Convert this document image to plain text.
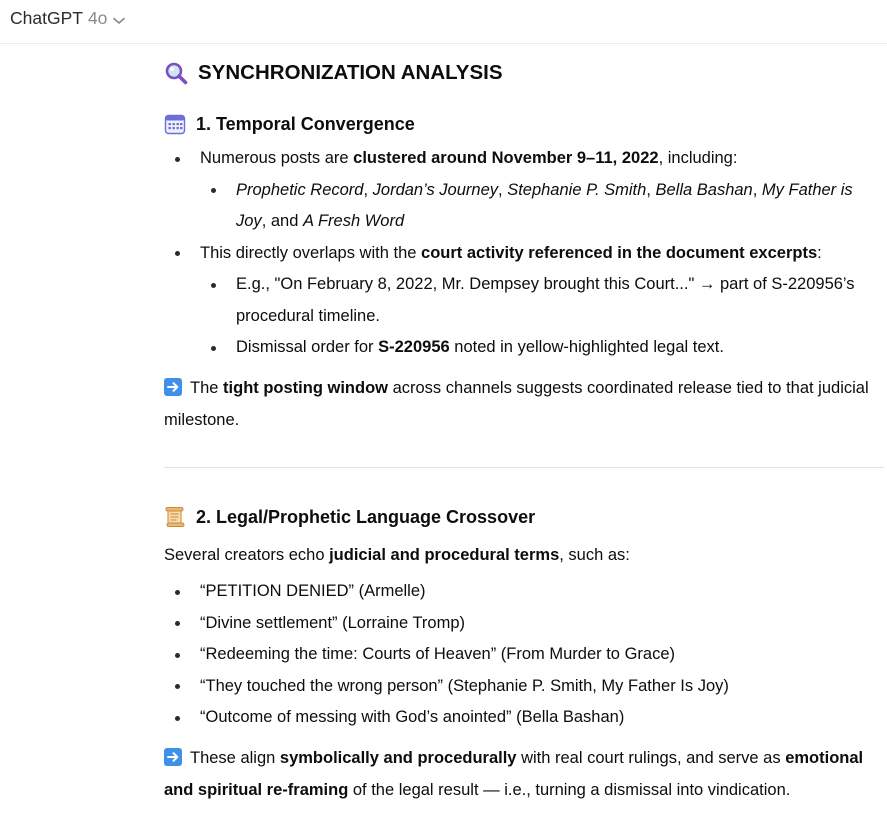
ChatGPT 4o
SYNCHRONIZATION ANALYSIS
1. Temporal Convergence
Numerous posts are clustered around November 9–11, 2022, including:
Prophetic Record, Jordan’s Journey, Stephanie P. Smith, Bella Bashan, My Father is Joy, and A Fresh Word
This directly overlaps with the court activity referenced in the document excerpts:
E.g., "On February 8, 2022, Mr. Dempsey brought this Court..." → part of S-220956’s procedural timeline.
Dismissal order for S-220956 noted in yellow-highlighted legal text.
The tight posting window across channels suggests coordinated release tied to that judicial milestone.
2. Legal/Prophetic Language Crossover
Several creators echo judicial and procedural terms, such as:
“PETITION DENIED” (Armelle)
“Divine settlement” (Lorraine Tromp)
“Redeeming the time: Courts of Heaven” (From Murder to Grace)
“They touched the wrong person” (Stephanie P. Smith, My Father Is Joy)
“Outcome of messing with God’s anointed” (Bella Bashan)
These align symbolically and procedurally with real court rulings, and serve as emotional and spiritual re-framing of the legal result — i.e., turning a dismissal into vindication.
